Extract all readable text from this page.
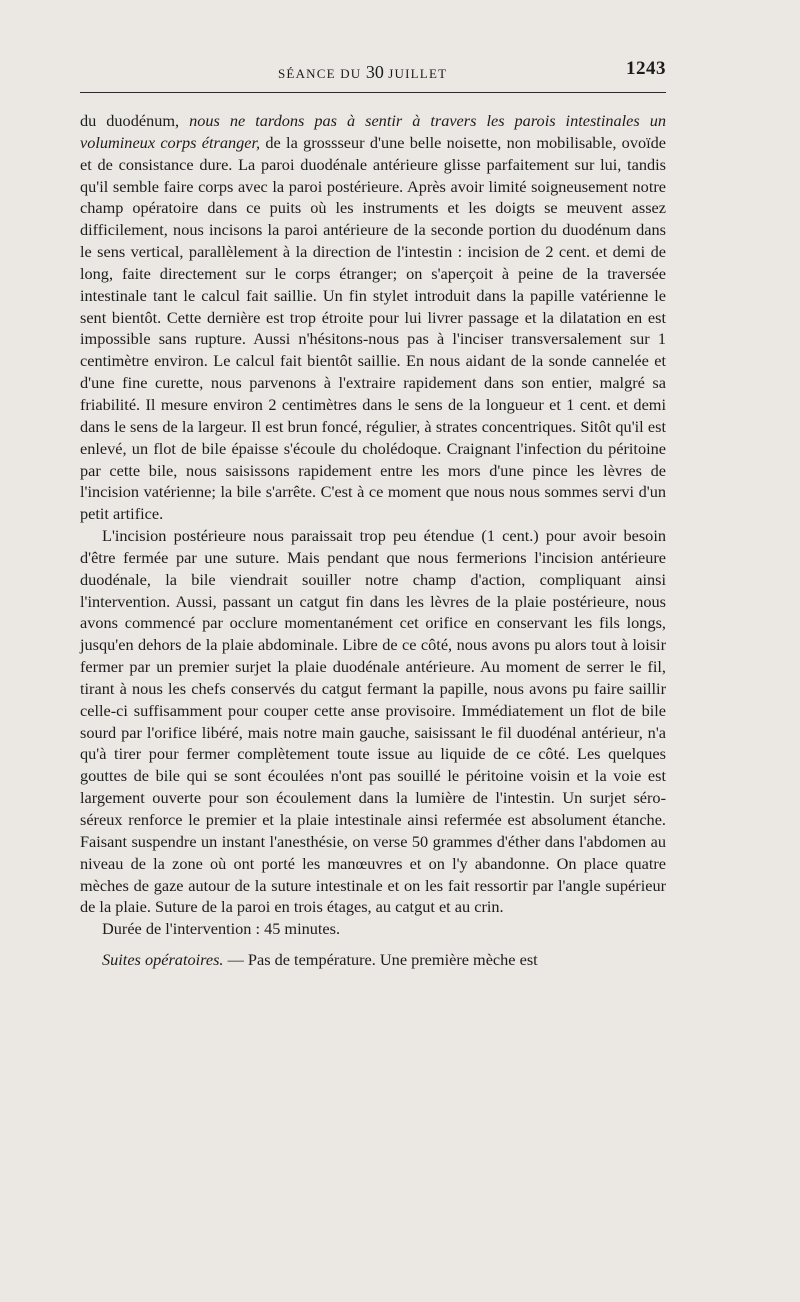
SÉANCE DU 30 JUILLET	1243

du duodénum, nous ne tardons pas à sentir à travers les parois intestinales un volumineux corps étranger, de la grossseur d'une belle noisette, non mobilisable, ovoïde et de consistance dure. La paroi duodénale antérieure glisse parfaitement sur lui, tandis qu'il semble faire corps avec la paroi postérieure. Après avoir limité soigneusement notre champ opératoire dans ce puits où les instruments et les doigts se meuvent assez difficilement, nous incisons la paroi antérieure de la seconde portion du duodénum dans le sens vertical, parallèlement à la direction de l'intestin : incision de 2 cent. et demi de long, faite directement sur le corps étranger; on s'aperçoit à peine de la traversée intestinale tant le calcul fait saillie. Un fin stylet introduit dans la papille vatérienne le sent bientôt. Cette dernière est trop étroite pour lui livrer passage et la dilatation en est impossible sans rupture. Aussi n'hésitons-nous pas à l'inciser transversalement sur 1 centimètre environ. Le calcul fait bientôt saillie. En nous aidant de la sonde cannelée et d'une fine curette, nous parvenons à l'extraire rapidement dans son entier, malgré sa friabilité. Il mesure environ 2 centimètres dans le sens de la longueur et 1 cent. et demi dans le sens de la largeur. Il est brun foncé, régulier, à strates concentriques. Sitôt qu'il est enlevé, un flot de bile épaisse s'écoule du cholédoque. Craignant l'infection du péritoine par cette bile, nous saisissons rapidement entre les mors d'une pince les lèvres de l'incision vatérienne; la bile s'arrête. C'est à ce moment que nous nous sommes servi d'un petit artifice.

L'incision postérieure nous paraissait trop peu étendue (1 cent.) pour avoir besoin d'être fermée par une suture. Mais pendant que nous fermerions l'incision antérieure duodénale, la bile viendrait souiller notre champ d'action, compliquant ainsi l'intervention. Aussi, passant un catgut fin dans les lèvres de la plaie postérieure, nous avons commencé par occlure momentanément cet orifice en conservant les fils longs, jusqu'en dehors de la plaie abdominale. Libre de ce côté, nous avons pu alors tout à loisir fermer par un premier surjet la plaie duodénale antérieure. Au moment de serrer le fil, tirant à nous les chefs conservés du catgut fermant la papille, nous avons pu faire saillir celle-ci suffisamment pour couper cette anse provisoire. Immédiatement un flot de bile sourd par l'orifice libéré, mais notre main gauche, saisissant le fil duodénal antérieur, n'a qu'à tirer pour fermer complètement toute issue au liquide de ce côté. Les quelques gouttes de bile qui se sont écoulées n'ont pas souillé le péritoine voisin et la voie est largement ouverte pour son écoulement dans la lumière de l'intestin. Un surjet séro-séreux renforce le premier et la plaie intestinale ainsi refermée est absolument étanche. Faisant suspendre un instant l'anesthésie, on verse 50 grammes d'éther dans l'abdomen au niveau de la zone où ont porté les manœuvres et on l'y abandonne. On place quatre mèches de gaze autour de la suture intestinale et on les fait ressortir par l'angle supérieur de la plaie. Suture de la paroi en trois étages, au catgut et au crin.

Durée de l'intervention : 45 minutes.

Suites opératoires. — Pas de température. Une première mèche est
